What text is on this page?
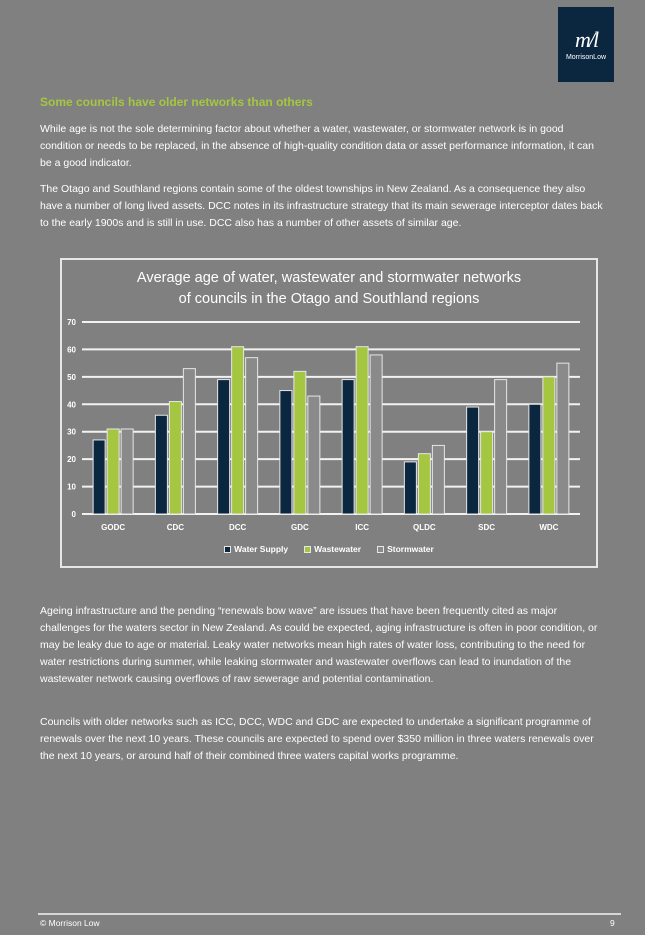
m/l
MorrisonLow
Some councils have older networks than others

While age is not the sole determining factor about whether a water, wastewater, or stormwater network is in good condition or needs to be replaced, in the absence of high-quality condition data or asset performance information, it can be a good indicator.

The Otago and Southland regions contain some of the oldest townships in New Zealand. As a consequence they also have a number of long lived assets. DCC notes in its infrastructure strategy that its main sewerage interceptor dates back to the early 1900s and is still in use. DCC also has a number of other assets of similar age.

Average age of water, wastewater and stormwater networks
of councils in the Otago and Southland regions
0
10
20
30
40
50
60
70
GODC	CDC	DCC	GDC	ICC	QLDC	SDC	WDC
Water Supply	Wastewater	Stormwater

Ageing infrastructure and the pending “renewals bow wave” are issues that have been frequently cited as major challenges for the waters sector in New Zealand. As could be expected, aging infrastructure is often in poor condition, or may be leaky due to age or material. Leaky water networks mean high rates of water loss, contributing to the need for water restrictions during summer, while leaking stormwater and wastewater overflows can lead to inundation of the wastewater network causing overflows of raw sewerage and potential contamination.

Councils with older networks such as ICC, DCC, WDC and GDC are expected to undertake a significant programme of renewals over the next 10 years. These councils are expected to spend over $350 million in three waters renewals over the next 10 years, or around half of their combined three waters capital works programme.

© Morrison Low	9
